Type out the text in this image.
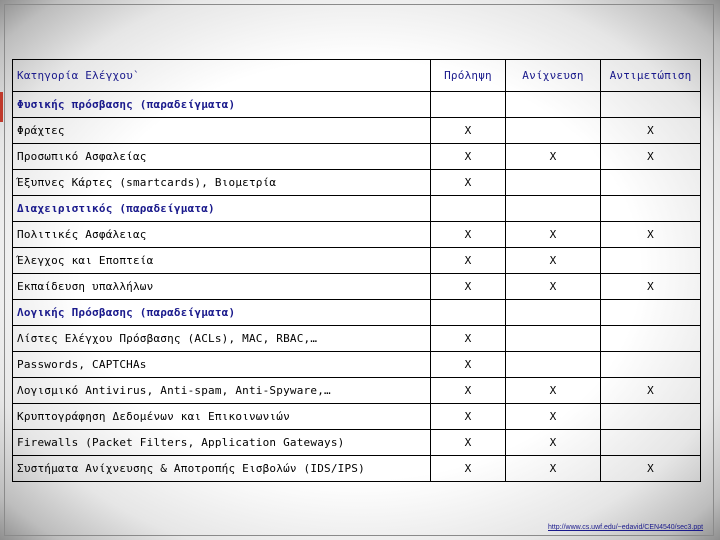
Κατηγορία Ελέγχου`	Πρόληψη	Ανίχνευση	Αντιμετώπιση
Φυσικής πρόσβασης (παραδείγματα)			
Φράχτες	X		X
Προσωπικό Ασφαλείας	X	X	X
Έξυπνες Κάρτες (smartcards), Βιομετρία	X		
Διαχειριστικός (παραδείγματα)			
Πολιτικές Ασφάλειας	X	X	X
Έλεγχος και Εποπτεία	X	X	
Εκπαίδευση υπαλλήλων	X	X	X
Λογικής Πρόσβασης (παραδείγματα)			
Λίστες Ελέγχου Πρόσβασης (ACLs), MAC, RBAC,…	X		
Passwords, CAPTCHAs	X		
Λογισμικό Antivirus, Anti-spam, Anti-Spyware,…	X	X	X
Κρυπτογράφηση Δεδομένων και Επικοινωνιών	X	X	
Firewalls (Packet Filters, Application Gateways)	X	X	
Συστήματα Ανίχνευσης & Αποτροπής Εισβολών (IDS/IPS)	X	X	X
http://www.cs.uwf.edu/~edavid/CEN4540/sec3.ppt
